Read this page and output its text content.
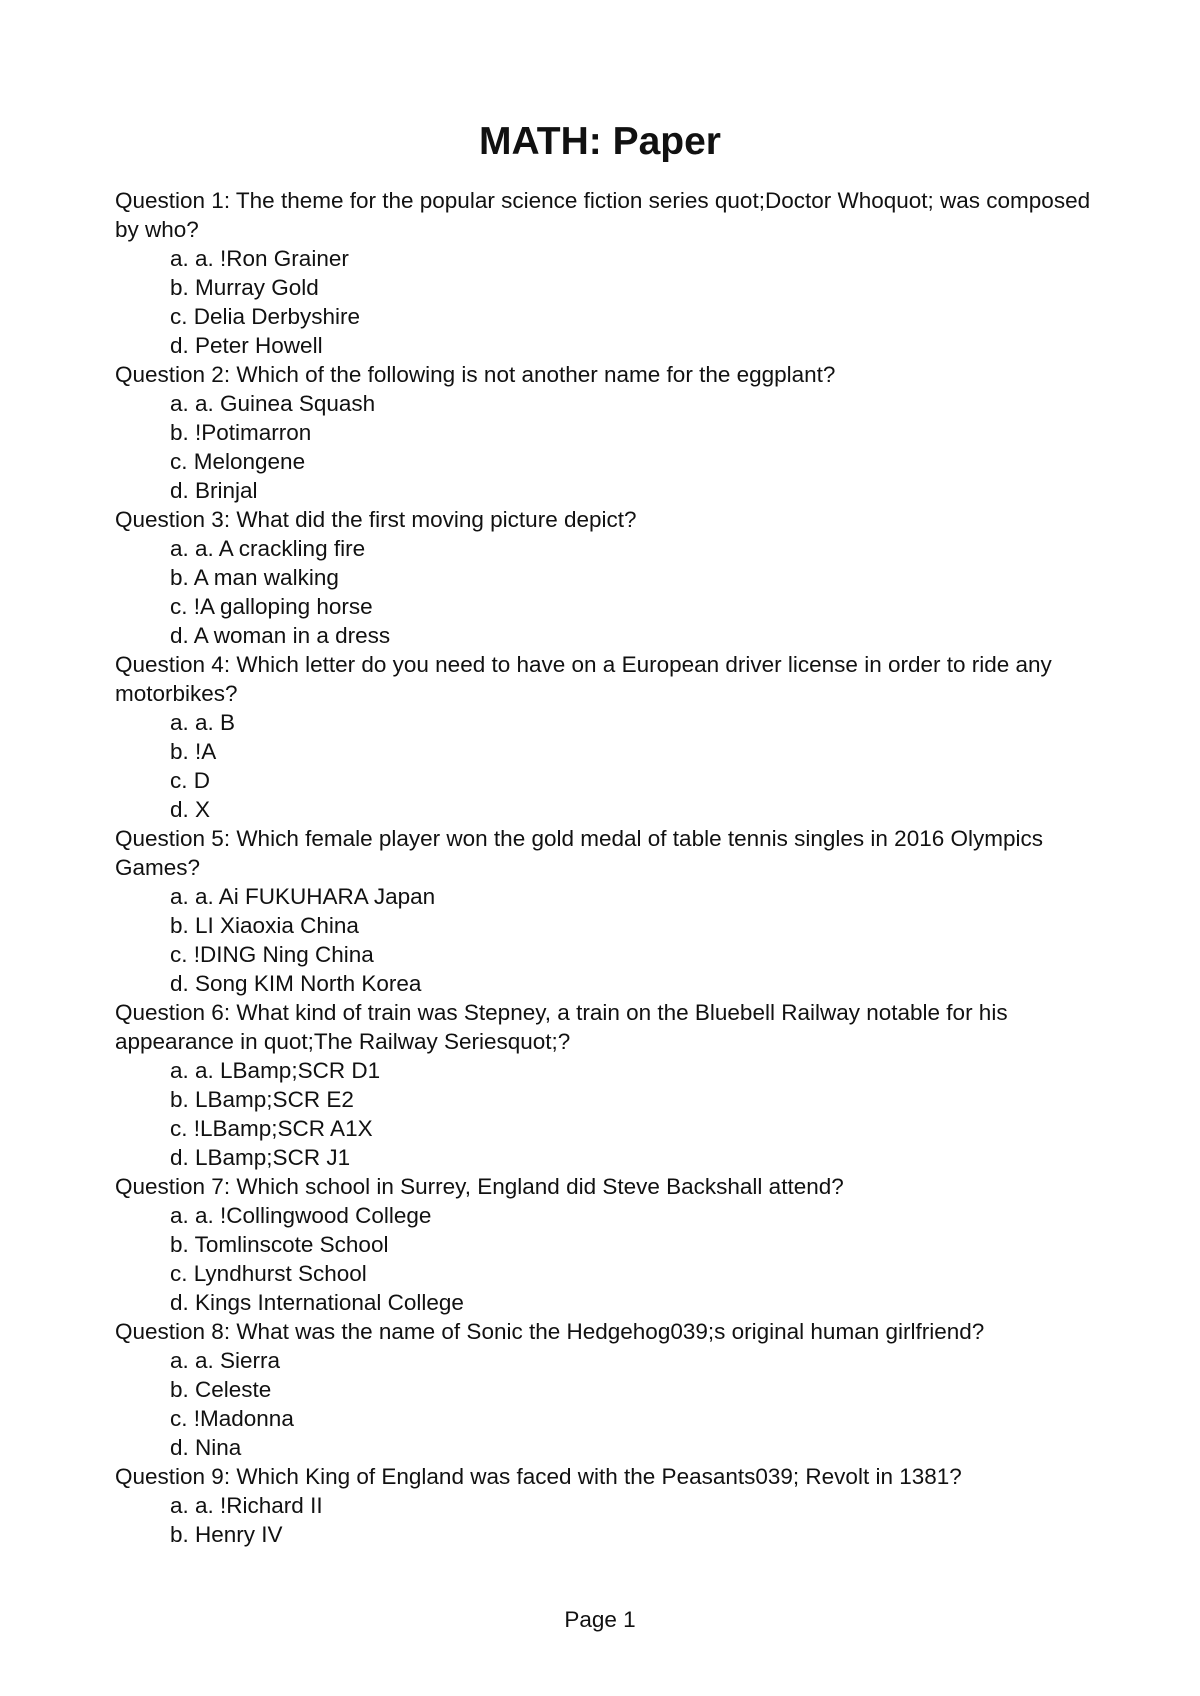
MATH: Paper
Question 1: The theme for the popular science fiction series quot;Doctor Whoquot; was composed by who?
a. a. !Ron Grainer
b. Murray Gold
c. Delia Derbyshire
d. Peter Howell
Question 2: Which of the following is not another name for the eggplant?
a. a. Guinea Squash
b. !Potimarron
c. Melongene
d. Brinjal
Question 3: What did the first moving picture depict?
a. a. A crackling fire
b. A man walking
c. !A galloping horse
d. A woman in a dress
Question 4: Which letter do you need to have on a European driver license in order to ride any motorbikes?
a. a. B
b. !A
c. D
d. X
Question 5: Which female player won the gold medal of table tennis singles in 2016 Olympics Games?
a. a. Ai FUKUHARA Japan
b. LI Xiaoxia China
c. !DING Ning China
d. Song KIM North Korea
Question 6: What kind of train was Stepney, a train on the Bluebell Railway notable for his appearance in quot;The Railway Seriesquot;?
a. a. LBamp;SCR D1
b. LBamp;SCR E2
c. !LBamp;SCR A1X
d. LBamp;SCR J1
Question 7: Which school in Surrey, England did Steve Backshall attend?
a. a. !Collingwood College
b. Tomlinscote School
c. Lyndhurst School
d. Kings International College
Question 8: What was the name of Sonic the Hedgehog039;s original human girlfriend?
a. a. Sierra
b. Celeste
c. !Madonna
d. Nina
Question 9: Which King of England was faced with the Peasants039; Revolt in 1381?
a. a. !Richard II
b. Henry IV
Page 1
